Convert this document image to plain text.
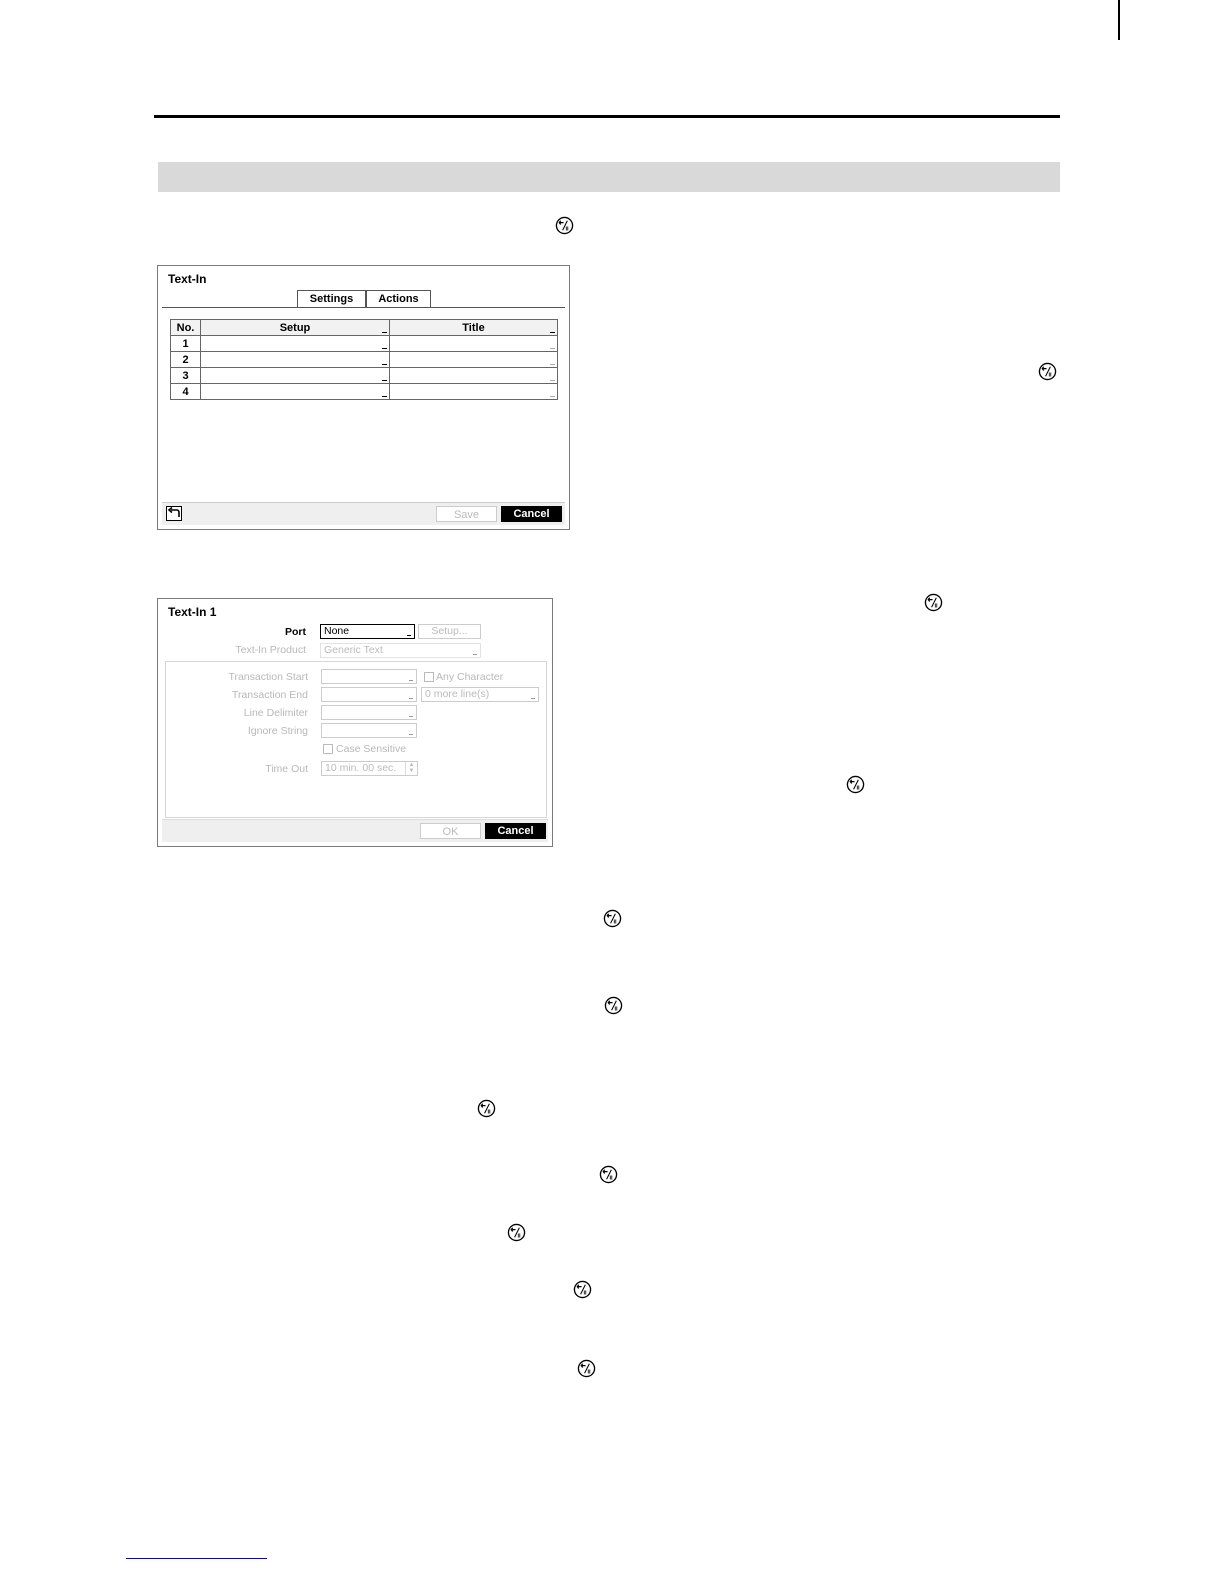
II
II
II
II
II
II
II
II
II
II
II
Text-In
Settings	Actions
No.	Setup	Title

1	

2	

3	

4	

Save	Cancel
Text-In 1
Port	None	Setup...
Text-In Product	Generic Text
Transaction Start	Any Character
Transaction End	0 more line(s)
Line Delimiter
Ignore String
Case Sensitive
Time Out	10 min. 00 sec.	▲
▼
OK	Cancel
